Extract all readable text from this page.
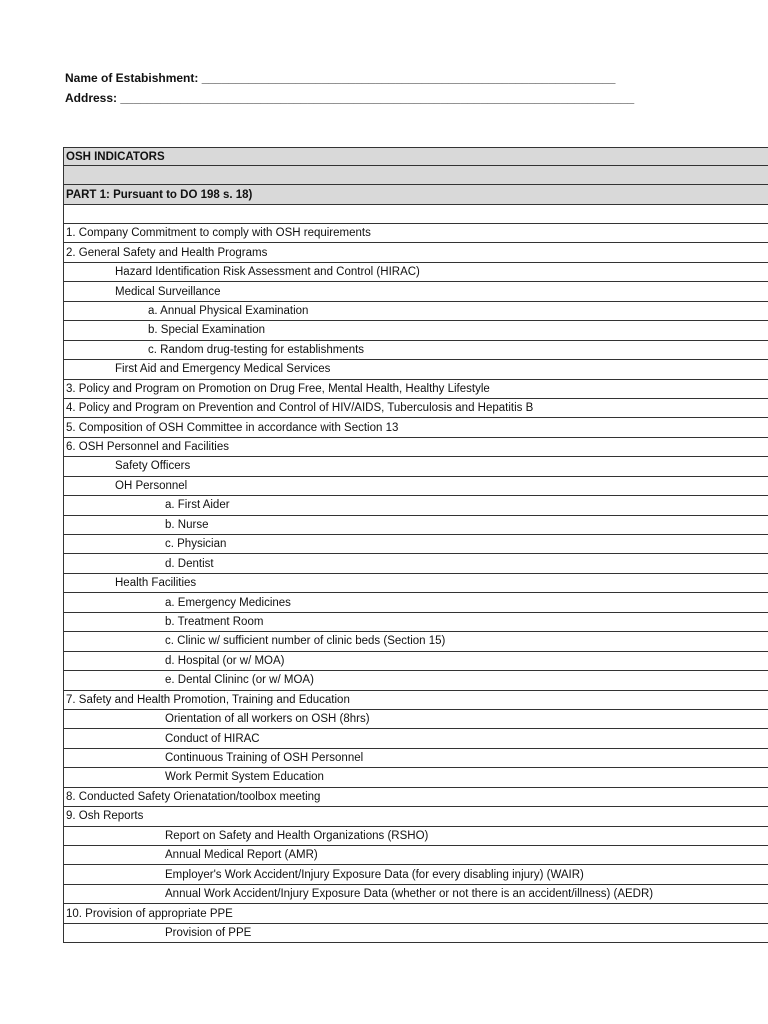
Name of Estabishment: ______________________________________________________________
Address: _____________________________________________________________________________
OSH INDICATORS
PART 1: Pursuant to DO 198 s. 18)
1. Company Commitment to comply with OSH requirements
2. General Safety and Health Programs
Hazard Identification Risk Assessment and Control (HIRAC)
Medical Surveillance
a. Annual Physical Examination
b. Special Examination
c. Random drug-testing for establishments
First Aid and Emergency Medical Services
3. Policy and Program on Promotion on Drug Free, Mental Health, Healthy Lifestyle
4. Policy and Program on Prevention and Control of HIV/AIDS, Tuberculosis and Hepatitis B
5. Composition of OSH Committee in accordance with Section 13
6. OSH Personnel and Facilities
Safety Officers
OH Personnel
a. First Aider
b. Nurse
c. Physician
d. Dentist
Health Facilities
a. Emergency Medicines
b. Treatment Room
c. Clinic w/ sufficient number of clinic beds (Section 15)
d. Hospital (or w/ MOA)
e. Dental Clininc (or w/ MOA)
7. Safety and Health Promotion, Training and Education
Orientation of all workers on OSH (8hrs)
Conduct of HIRAC
Continuous Training of OSH Personnel
Work Permit System Education
8. Conducted Safety Orienatation/toolbox meeting
9. Osh Reports
Report on Safety and Health Organizations (RSHO)
Annual Medical Report (AMR)
Employer's Work Accident/Injury Exposure Data (for every disabling injury) (WAIR)
Annual Work Accident/Injury Exposure Data (whether or not there is an accident/illness) (AEDR)
10. Provision of appropriate PPE
Provision of PPE
